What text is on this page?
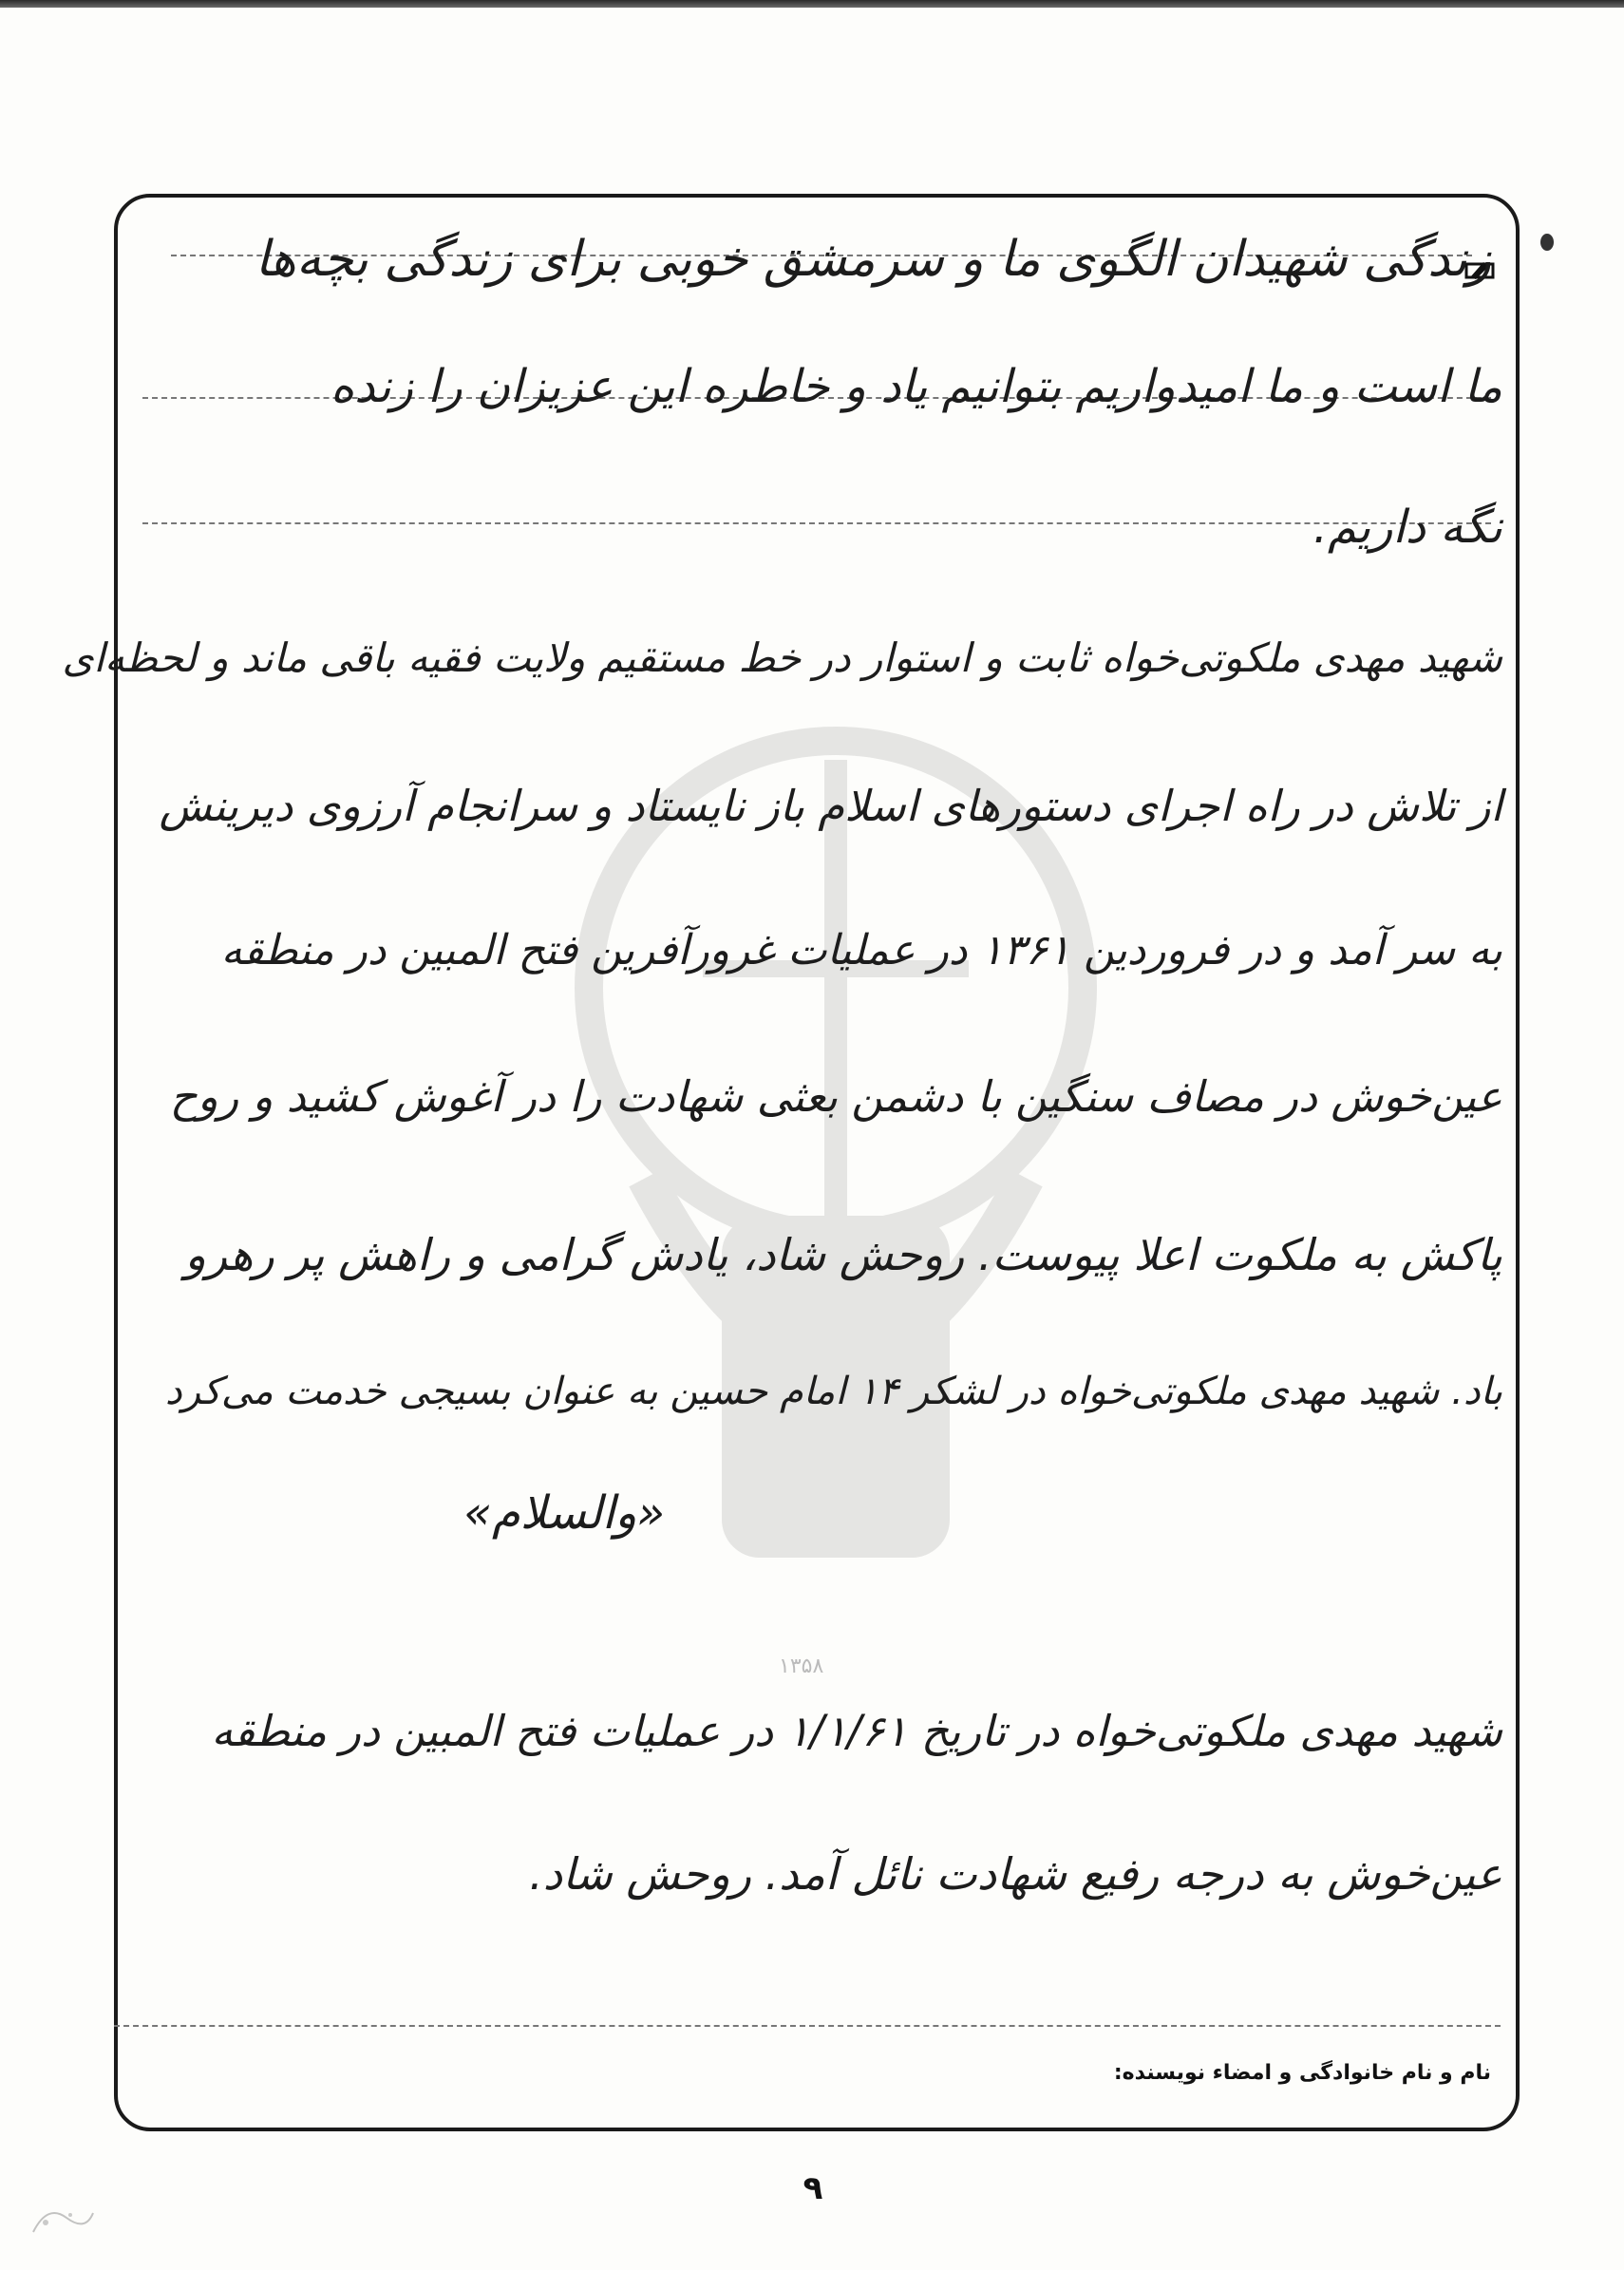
۱۳۵۸
زندگی شهیدان الگوی ما و سرمشق خوبی برای زندگی بچه‌ها
ما است و ما امیدواریم بتوانیم یاد و خاطره این عزیزان را زنده
نگه داریم.
شهید مهدی ملکوتی‌خواه ثابت و استوار در خط مستقیم ولایت فقیه باقی ماند و لحظه‌ای
از تلاش در راه اجرای دستورهای اسلام باز نایستاد و سرانجام آرزوی دیرینش
به سر آمد و در فروردین ۱۳۶۱ در عملیات غرورآفرین فتح المبین در منطقه
عین‌خوش در مصاف سنگین با دشمن بعثی شهادت را در آغوش کشید و روح
پاکش به ملکوت اعلا پیوست. روحش شاد، یادش گرامی و راهش پر رهرو
باد. شهید مهدی ملکوتی‌خواه در لشکر ۱۴ امام حسین به عنوان بسیجی خدمت می‌کرد
«والسلام»
شهید مهدی ملکوتی‌خواه در تاریخ ۱/۱/۶۱ در عملیات فتح المبین در منطقه
عین‌خوش به درجه رفیع شهادت نائل آمد. روحش شاد.
نام و نام خانوادگی و امضاء نویسنده:
۹
